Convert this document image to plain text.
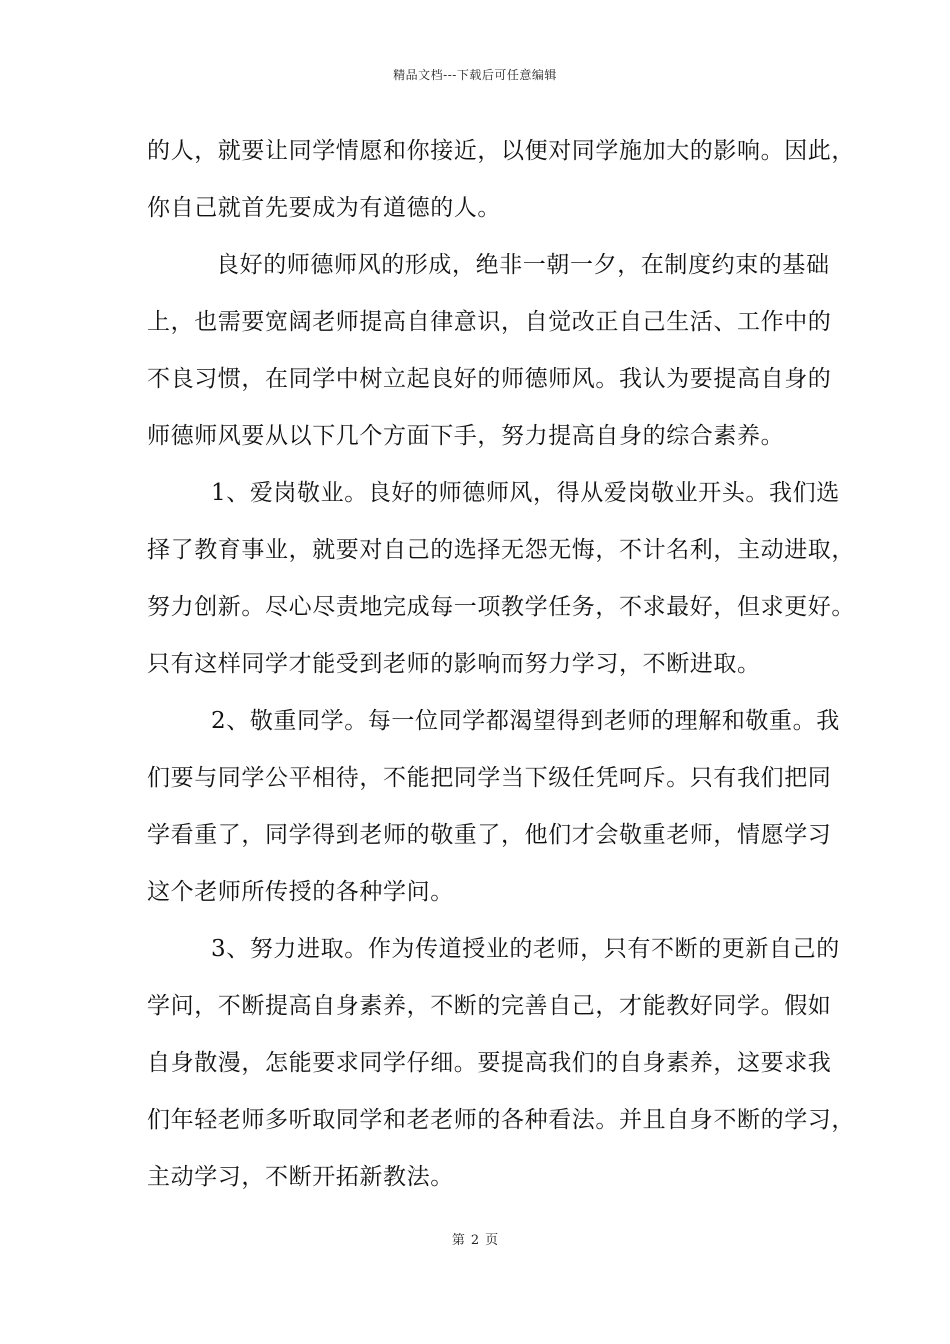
精品文档---下载后可任意编辑
的人，就要让同学情愿和你接近，以便对同学施加大的影响。因此，
你自己就首先要成为有道德的人。
良好的师德师风的形成，绝非一朝一夕，在制度约束的基础
上，也需要宽阔老师提高自律意识，自觉改正自己生活、工作中的
不良习惯，在同学中树立起良好的师德师风。我认为要提高自身的
师德师风要从以下几个方面下手，努力提高自身的综合素养。
1、爱岗敬业。良好的师德师风，得从爱岗敬业开头。我们选
择了教育事业，就要对自己的选择无怨无悔，不计名利，主动进取，
努力创新。尽心尽责地完成每一项教学任务，不求最好，但求更好。
只有这样同学才能受到老师的影响而努力学习，不断进取。
2、敬重同学。每一位同学都渴望得到老师的理解和敬重。我
们要与同学公平相待，不能把同学当下级任凭呵斥。只有我们把同
学看重了，同学得到老师的敬重了，他们才会敬重老师，情愿学习
这个老师所传授的各种学问。
3、努力进取。作为传道授业的老师，只有不断的更新自己的
学问，不断提高自身素养，不断的完善自己，才能教好同学。假如
自身散漫，怎能要求同学仔细。要提高我们的自身素养，这要求我
们年轻老师多听取同学和老老师的各种看法。并且自身不断的学习，
主动学习，不断开拓新教法。
第 2 页
